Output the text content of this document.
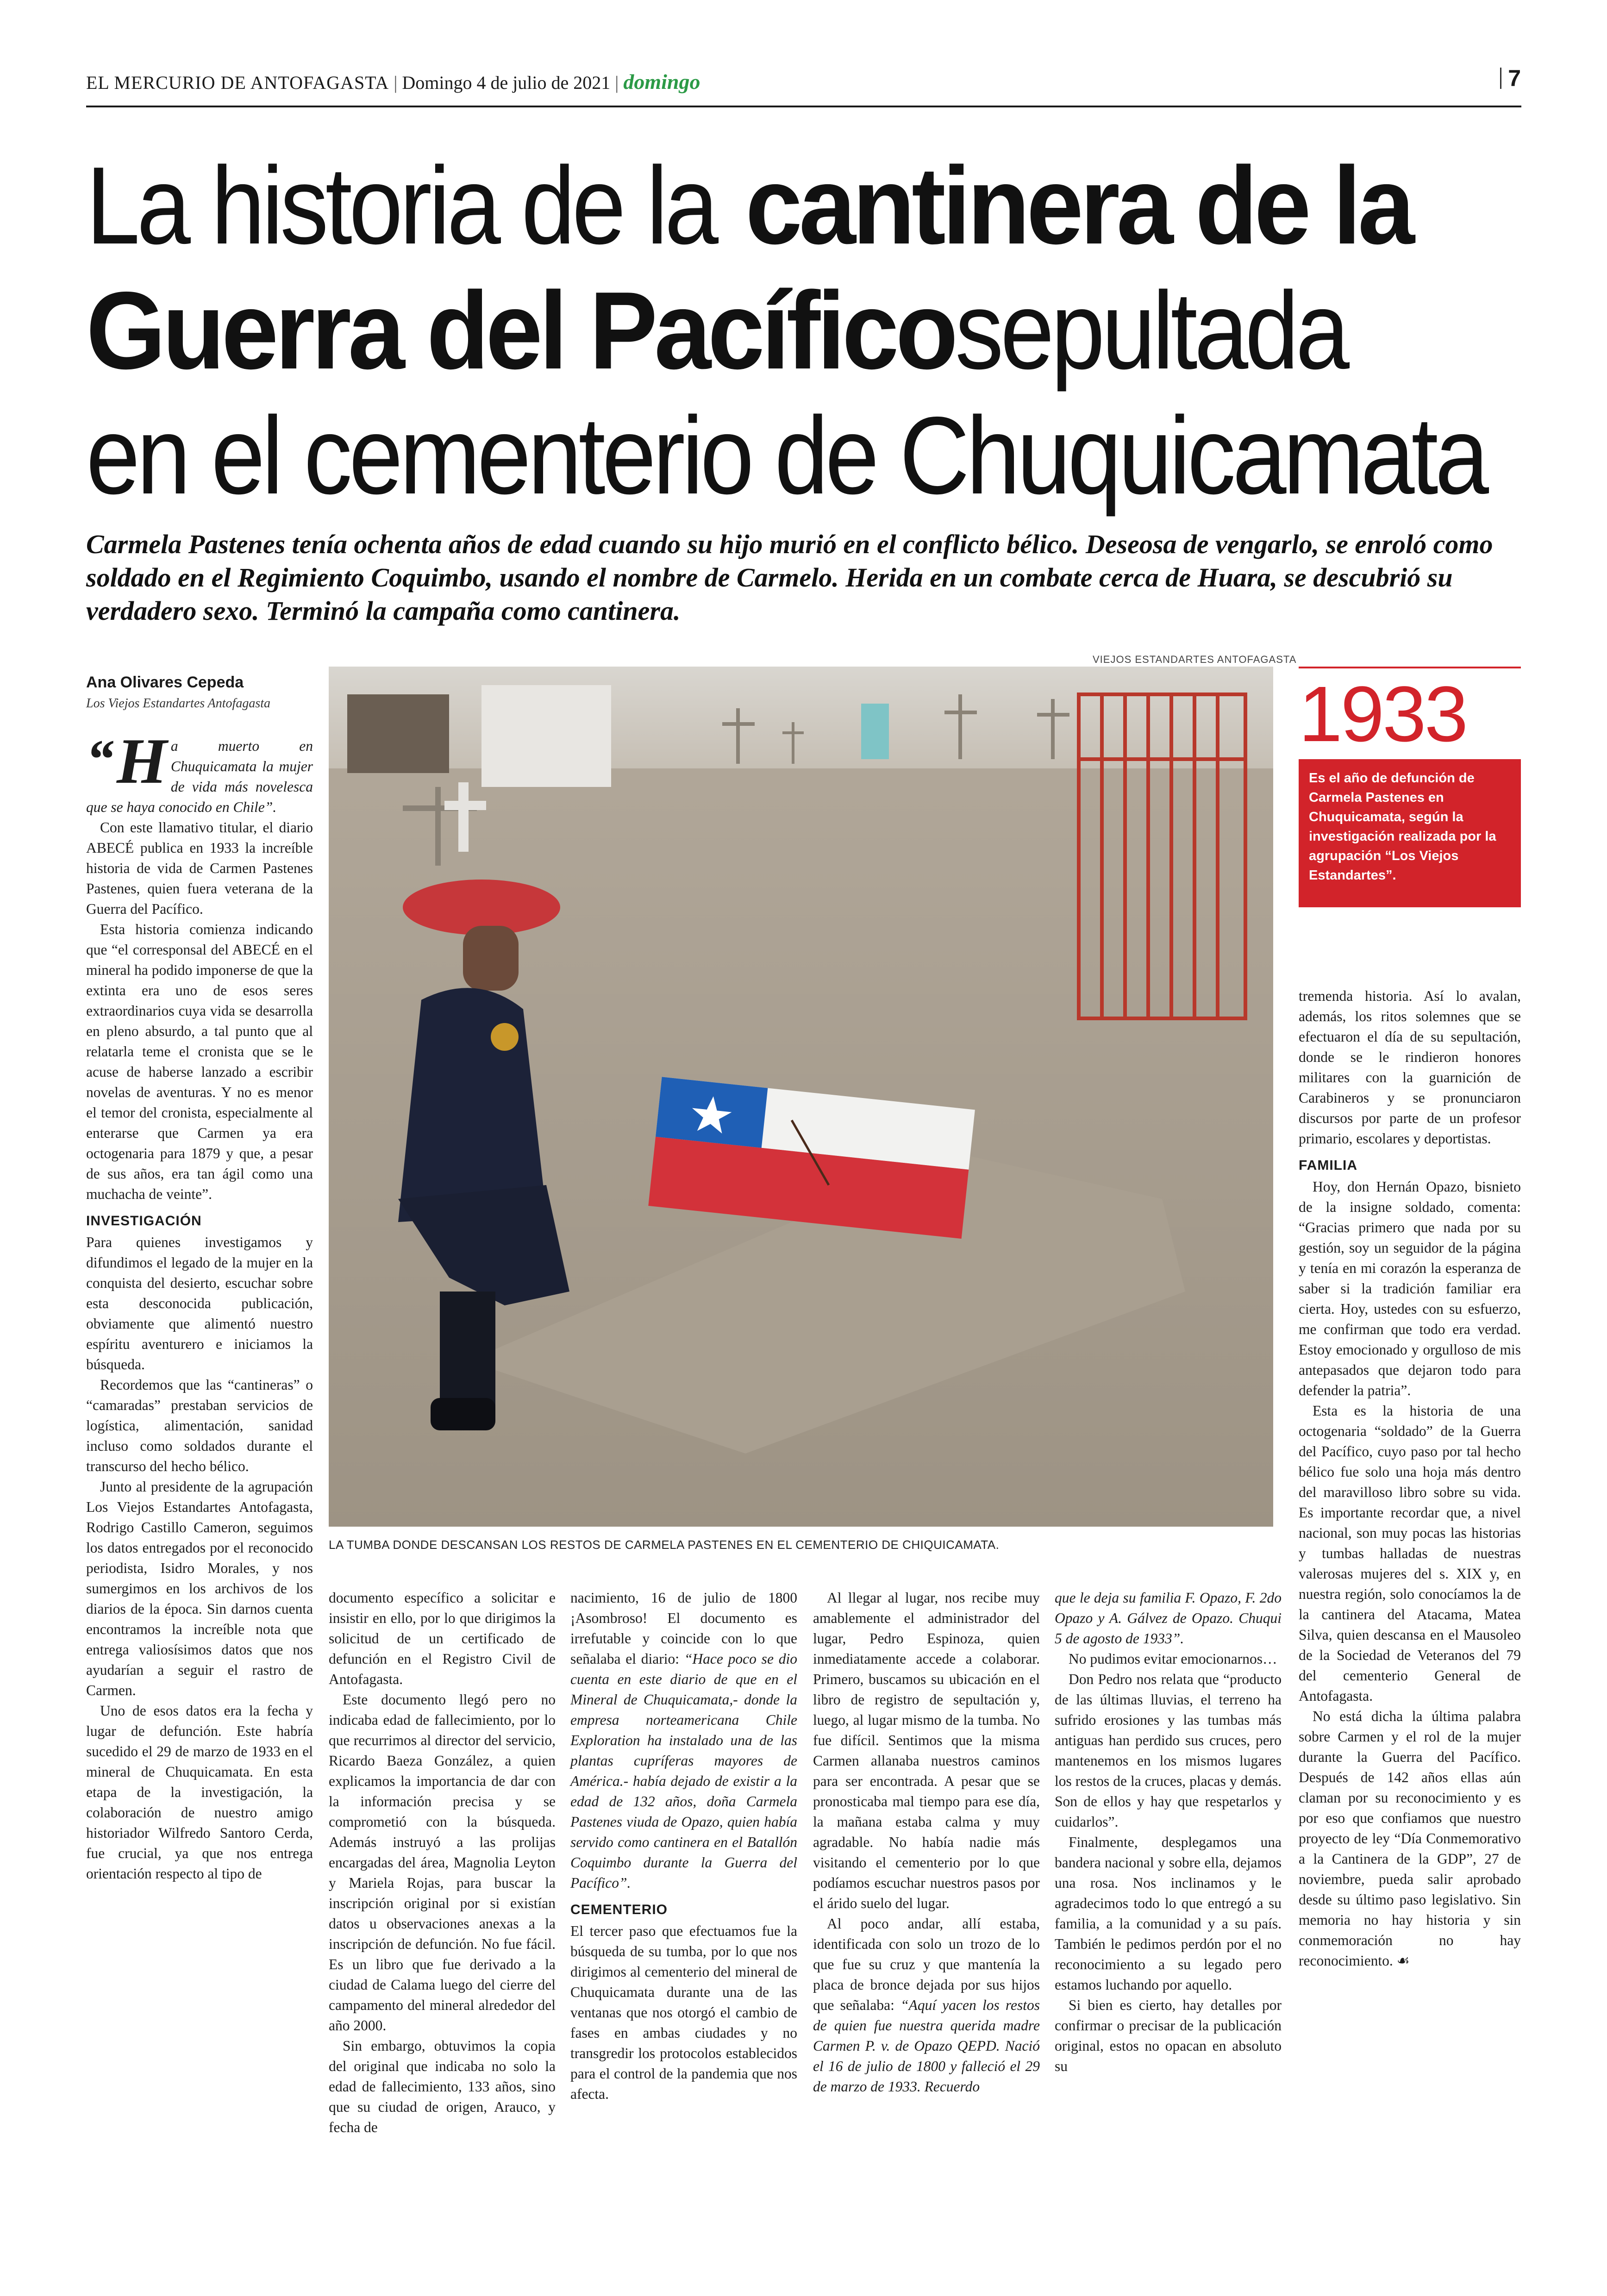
EL MERCURIO DE ANTOFAGASTA | Domingo 4 de julio de 2021 | domingo	7
La historia de lacantinera de la
Guerra del Pacíficosepultada
en el cementerio de Chuquicamata
Carmela Pastenes tenía ochenta años de edad cuando su hijo murió en el conflicto bélico. Deseosa de vengarlo, se enroló como soldado en el Regimiento Coquimbo, usando el nombre de Carmelo. Herida en un combate cerca de Huara, se descubrió su verdadero sexo. Terminó la campaña como cantinera.
Ana Olivares Cepeda
Los Viejos Estandartes Antofagasta

“ H a muerto en Chuquicamata la mujer de vida más novelesca que se haya conocido en Chile”.

Con este llamativo titular, el diario ABECÉ publica en 1933 la increíble historia de vida de Carmen Pastenes Pastenes, quien fuera veterana de la Guerra del Pacífico.

Esta historia comienza indicando que “el corresponsal del ABECÉ en el mineral ha podido imponerse de que la extinta era uno de esos seres extraordinarios cuya vida se desarrolla en pleno absurdo, a tal punto que al relatarla teme el cronista que se le acuse de haberse lanzado a escribir novelas de aventuras. Y no es menor el temor del cronista, especialmente al enterarse que Carmen ya era octogenaria para 1879 y que, a pesar de sus años, era tan ágil como una muchacha de veinte”.

INVESTIGACIÓN

Para quienes investigamos y difundimos el legado de la mujer en la conquista del desierto, escuchar sobre esta desconocida publicación, obviamente que alimentó nuestro espíritu aventurero e iniciamos la búsqueda.

Recordemos que las “cantineras” o “camaradas” prestaban servicios de logística, alimentación, sanidad incluso como soldados durante el transcurso del hecho bélico.

Junto al presidente de la agrupación Los Viejos Estandartes Antofagasta, Rodrigo Castillo Cameron, seguimos los datos entregados por el reconocido periodista, Isidro Morales, y nos sumergimos en los archivos de los diarios de la época. Sin darnos cuenta encontramos la increíble nota que entrega valiosísimos datos que nos ayudarían a seguir el rastro de Carmen.

Uno de esos datos era la fecha y lugar de defunción. Este habría sucedido el 29 de marzo de 1933 en el mineral de Chuquicamata. En esta etapa de la investigación, la colaboración de nuestro amigo historiador Wilfredo Santoro Cerda, fue crucial, ya que nos entrega orientación respecto al tipo de

VIEJOS ESTANDARTES ANTOFAGASTA
LA TUMBA DONDE DESCANSAN LOS RESTOS DE CARMELA PASTENES EN EL CEMENTERIO DE CHIQUICAMATA.
1933
Es el año de defunción de Carmela Pastenes en Chuquicamata, según la investigación realizada por la agrupación “Los Viejos Estandartes”.

documento específico a solicitar e insistir en ello, por lo que dirigimos la solicitud de un certificado de defunción en el Registro Civil de Antofagasta.

Este documento llegó pero no indicaba edad de fallecimiento, por lo que recurrimos al director del servicio, Ricardo Baeza González, a quien explicamos la importancia de dar con la información precisa y se comprometió con la búsqueda. Además instruyó a las prolijas encargadas del área, Magnolia Leyton y Mariela Rojas, para buscar la inscripción original por si existían datos u observaciones anexas a la inscripción de defunción. No fue fácil. Es un libro que fue derivado a la ciudad de Calama luego del cierre del campamento del mineral alrededor del año 2000.

Sin embargo, obtuvimos la copia del original que indicaba no solo la edad de fallecimiento, 133 años, sino que su ciudad de origen, Arauco, y fecha de

nacimiento, 16 de julio de 1800 ¡Asombroso! El documento es irrefutable y coincide con lo que señalaba el diario: “Hace poco se dio cuenta en este diario de que en el Mineral de Chuquicamata,- donde la empresa norteamericana Chile Exploration ha instalado una de las plantas cupríferas mayores de América.- había dejado de existir a la edad de 132 años, doña Carmela Pastenes viuda de Opazo, quien había servido como cantinera en el Batallón Coquimbo durante la Guerra del Pacífico”.

CEMENTERIO

El tercer paso que efectuamos fue la búsqueda de su tumba, por lo que nos dirigimos al cementerio del mineral de Chuquicamata durante una de las ventanas que nos otorgó el cambio de fases en ambas ciudades y no transgredir los protocolos establecidos para el control de la pandemia que nos afecta.

Al llegar al lugar, nos recibe muy amablemente el administrador del lugar, Pedro Espinoza, quien inmediatamente accede a colaborar. Primero, buscamos su ubicación en el libro de registro de sepultación y, luego, al lugar mismo de la tumba. No fue difícil. Sentimos que la misma Carmen allanaba nuestros caminos para ser encontrada. A pesar que se pronosticaba mal tiempo para ese día, la mañana estaba calma y muy agradable. No había nadie más visitando el cementerio por lo que podíamos escuchar nuestros pasos por el árido suelo del lugar.

Al poco andar, allí estaba, identificada con solo un trozo de lo que fue su cruz y que mantenía la placa de bronce dejada por sus hijos que señalaba: “Aquí yacen los restos de quien fue nuestra querida madre Carmen P. v. de Opazo QEPD. Nació el 16 de julio de 1800 y falleció el 29 de marzo de 1933. Recuerdo

que le deja su familia F. Opazo, F. 2do Opazo y A. Gálvez de Opazo. Chuqui 5 de agosto de 1933”.

No pudimos evitar emocionarnos…

Don Pedro nos relata que “producto de las últimas lluvias, el terreno ha sufrido erosiones y las tumbas más antiguas han perdido sus cruces, pero mantenemos en los mismos lugares los restos de la cruces, placas y demás. Son de ellos y hay que respetarlos y cuidarlos”.

Finalmente, desplegamos una bandera nacional y sobre ella, dejamos una rosa. Nos inclinamos y le agradecimos todo lo que entregó a su familia, a la comunidad y a su país. También le pedimos perdón por el no reconocimiento a su legado pero estamos luchando por aquello.

Si bien es cierto, hay detalles por confirmar o precisar de la publicación original, estos no opacan en absoluto su

tremenda historia. Así lo avalan, además, los ritos solemnes que se efectuaron el día de su sepultación, donde se le rindieron honores militares con la guarnición de Carabineros y se pronunciaron discursos por parte de un profesor primario, escolares y deportistas.

FAMILIA

Hoy, don Hernán Opazo, bisnieto de la insigne soldado, comenta: “Gracias primero que nada por su gestión, soy un seguidor de la página y tenía en mi corazón la esperanza de saber si la tradición familiar era cierta. Hoy, ustedes con su esfuerzo, me confirman que todo era verdad. Estoy emocionado y orgulloso de mis antepasados que dejaron todo para defender la patria”.

Esta es la historia de una octogenaria “soldado” de la Guerra del Pacífico, cuyo paso por tal hecho bélico fue solo una hoja más dentro del maravilloso libro sobre su vida. Es importante recordar que, a nivel nacional, son muy pocas las historias y tumbas halladas de nuestras valerosas mujeres del s. XIX y, en nuestra región, solo conocíamos la de la cantinera del Atacama, Matea Silva, quien descansa en el Mausoleo de la Sociedad de Veteranos del 79 del cementerio General de Antofagasta.

No está dicha la última palabra sobre Carmen y el rol de la mujer durante la Guerra del Pacífico. Después de 142 años ellas aún claman por su reconocimiento y es por eso que confiamos que nuestro proyecto de ley “Día Conmemorativo a la Cantinera de la GDP”, 27 de noviembre, pueda salir aprobado desde su último paso legislativo. Sin memoria no hay historia y sin conmemoración no hay reconocimiento. ☙
